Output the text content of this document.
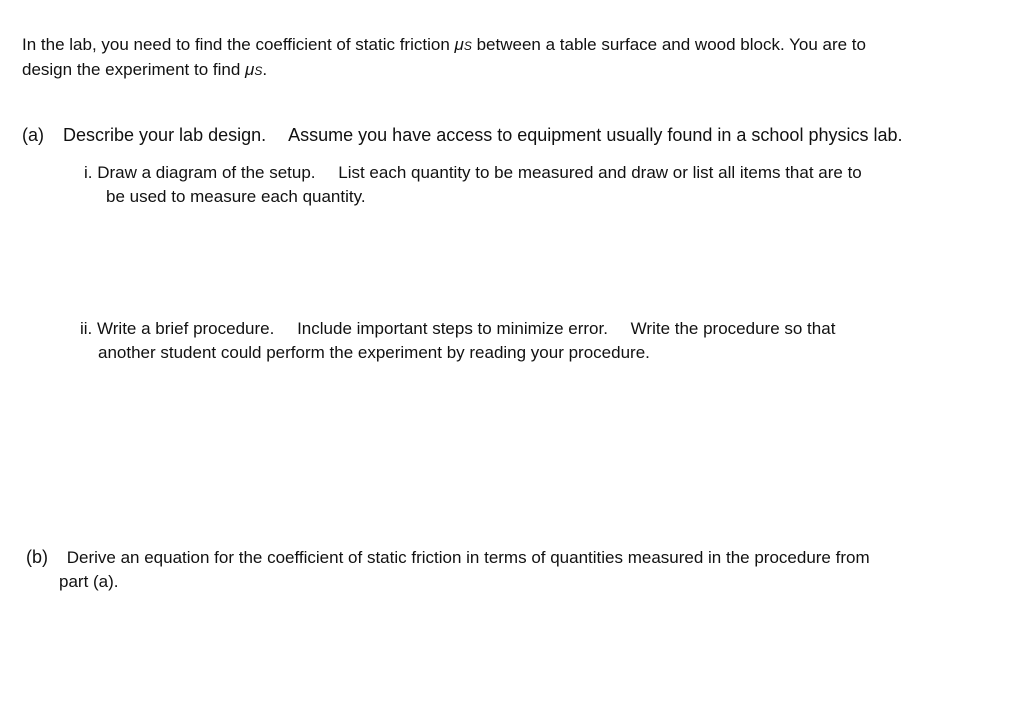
In the lab, you need to find the coefficient of static friction μS between a table surface and wood block. You are to
design the experiment to find μS.
(a) Describe your lab design. Assume you have access to equipment usually found in a school physics lab.
i. Draw a diagram of the setup. List each quantity to be measured and draw or list all items that are to
be used to measure each quantity.
ii. Write a brief procedure. Include important steps to minimize error. Write the procedure so that
another student could perform the experiment by reading your procedure.
(b) Derive an equation for the coefficient of static friction in terms of quantities measured in the procedure from
part (a).
